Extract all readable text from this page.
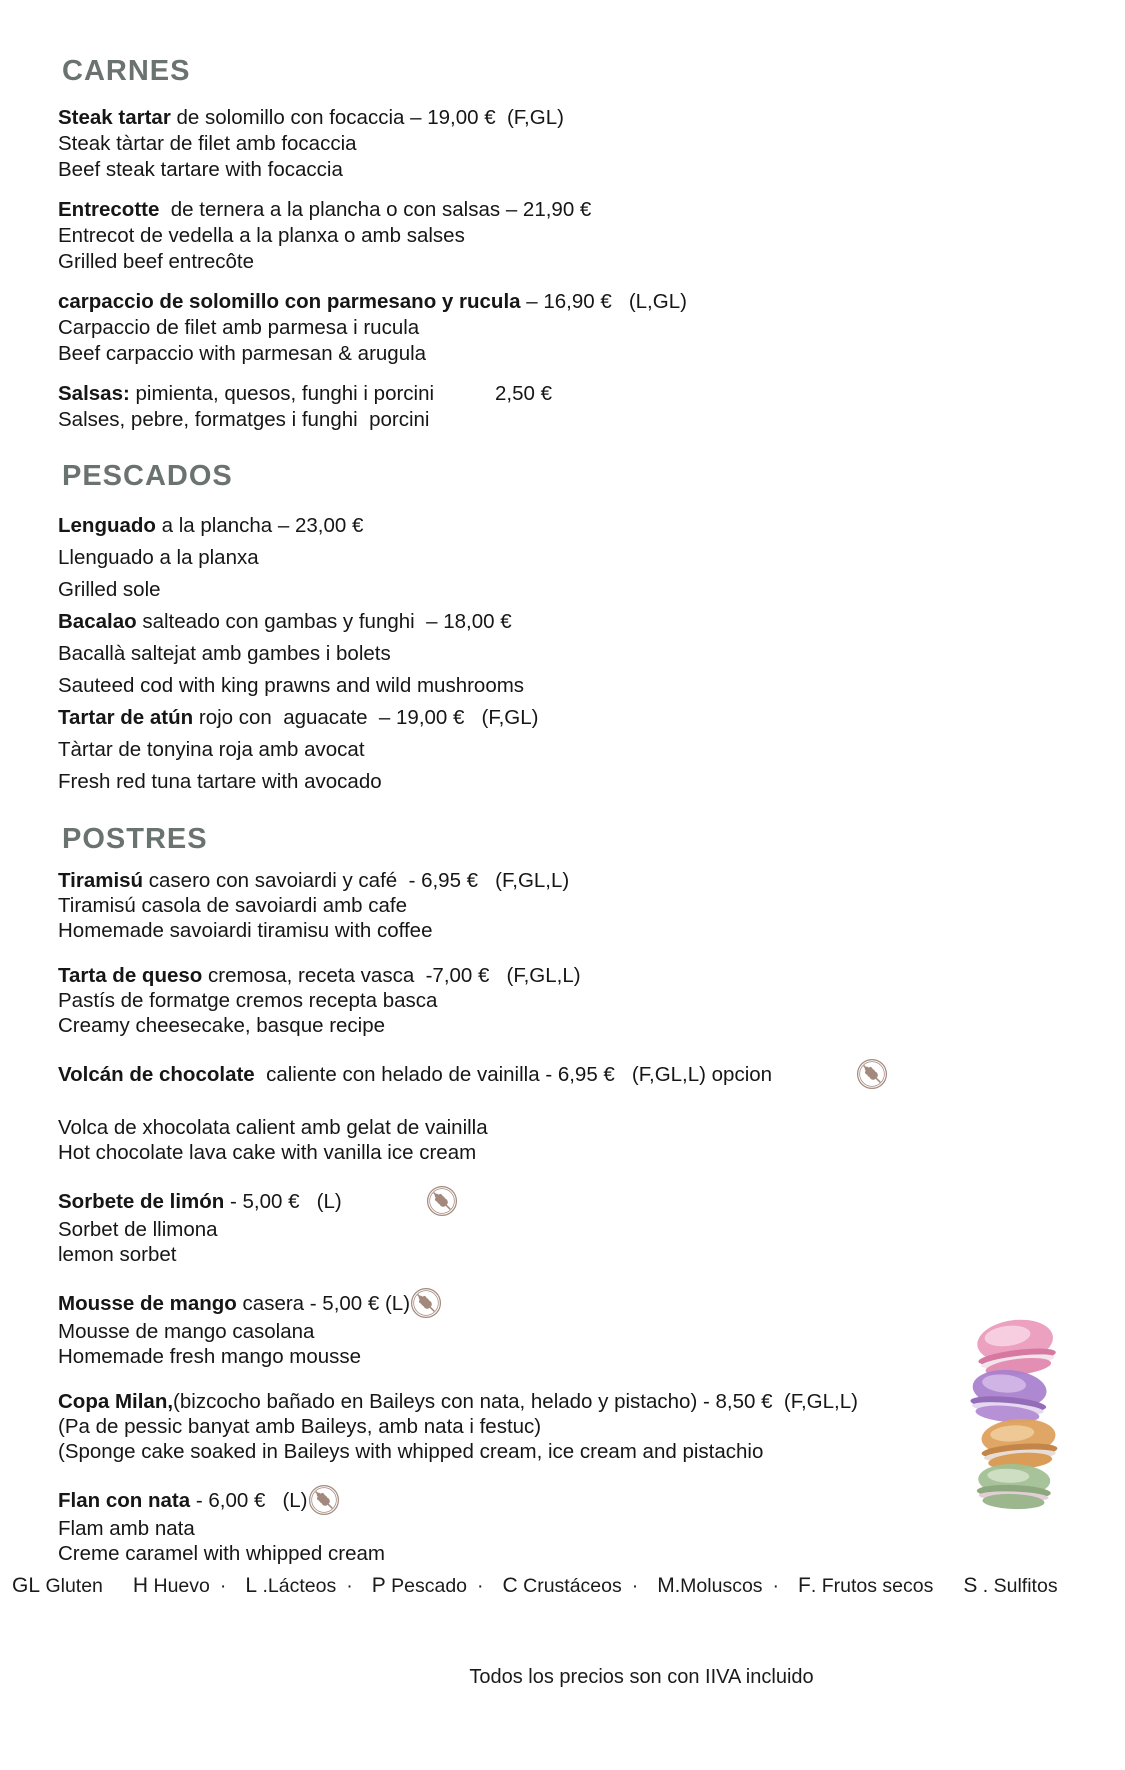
CARNES
Steak tartar de solomillo con focaccia – 19,00 €  (F,GL)
Steak tàrtar de filet amb focaccia
Beef steak tartare with focaccia
Entrecotte  de ternera a la plancha o con salsas – 21,90 €
Entrecot de vedella a la planxa o amb salses
Grilled beef entrecôte
carpaccio de solomillo con parmesano y rucula – 16,90 €   (L,GL)
Carpaccio de filet amb parmesa i rucula
Beef carpaccio with parmesan & arugula
Salsas: pimienta, quesos, funghi i porcini	2,50 €
Salses, pebre, formatges i funghi  porcini
PESCADOS
Lenguado a la plancha – 23,00 €
Llenguado a la planxa
Grilled sole
Bacalao salteado con gambas y funghi  – 18,00 €
Bacallà saltejat amb gambes i bolets
Sauteed cod with king prawns and wild mushrooms
Tartar de atún rojo con  aguacate  – 19,00 €   (F,GL)
Tàrtar de tonyina roja amb avocat
Fresh red tuna tartare with avocado
POSTRES
Tiramisú casero con savoiardi y café  - 6,95 €   (F,GL,L)
Tiramisú casola de savoiardi amb cafe
Homemade savoiardi tiramisu with coffee
Tarta de queso cremosa, receta vasca  -7,00 €   (F,GL,L)
Pastís de formatge cremos recepta basca
Creamy cheesecake, basque recipe
Volcán de chocolate  caliente con helado de vainilla - 6,95 €   (F,GL,L) opcion
Volca de xhocolata calient amb gelat de vainilla
Hot chocolate lava cake with vanilla ice cream
Sorbete de limón - 5,00 €   (L)
Sorbet de llimona
lemon sorbet
Mousse de mango casera - 5,00 € (L)
Mousse de mango casolana
Homemade fresh mango mousse
Copa Milan,(bizcocho bañado en Baileys con nata, helado y pistacho) - 8,50 €  (F,GL,L)
(Pa de pessic banyat amb Baileys, amb nata i festuc)
(Sponge cake soaked in Baileys with whipped cream, ice cream and pistachio
Flan con nata - 6,00 €   (L)
Flam amb nata
Creme caramel with whipped cream
GL Gluten H Huevo · L .Lácteos · P Pescado · C Crustáceos · M.Moluscos · F. Frutos secos S . Sulfitos
Todos los precios son con IIVA incluido
